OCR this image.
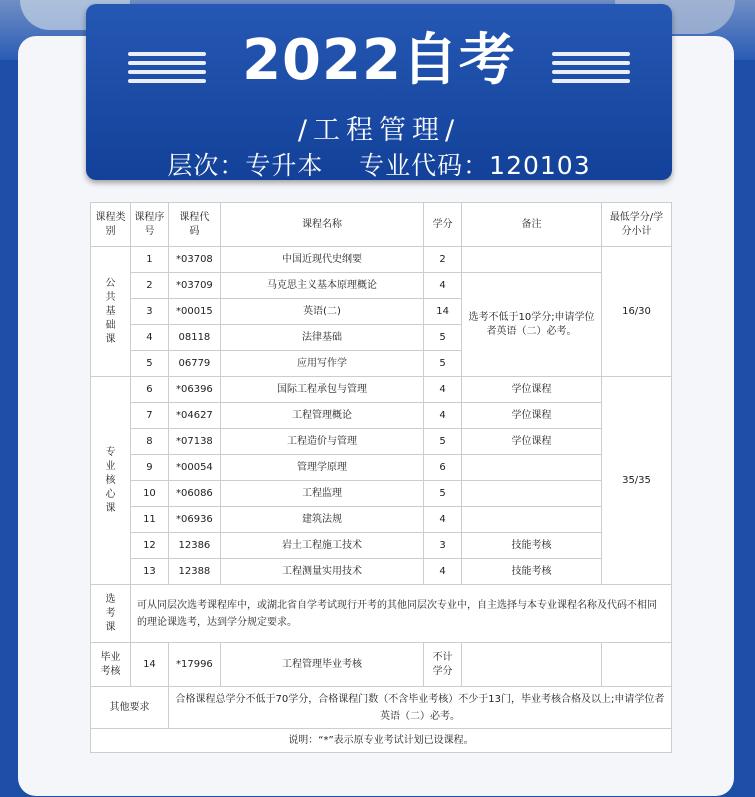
2022自考
/工程管理/
层次：专升本    专业代码：120103
课程类别	课程序号	课程代码	课程名称	学分	备注	最低学分/学分小计

公共基础课	1	*03708	中国近现代史纲要	2		16/30
	2	*03709	马克思主义基本原理概论	4	选考不低于10学分;申请学位者英语（二）必考。	

	3	*00015	英语(二)	14		
	4	08118	法律基础	5		
	5	06779	应用写作学	5		

专业核心课	6	*06396	国际工程承包与管理	4	学位课程	35/35
	7	*04627	工程管理概论	4	学位课程	
	8	*07138	工程造价与管理	5	学位课程	
	9	*00054	管理学原理	6		
	10	*06086	工程监理	5		
	11	*06936	建筑法规	4		
	12	12386	岩土工程施工技术	3	技能考核	
	13	12388	工程测量实用技术	4	技能考核	

选考课	可从同层次选考课程库中，或湖北省自学考试现行开考的其他同层次专业中，自主选择与本专业课程名称及代码不相同的理论课选考，达到学分规定要求。					

毕业考核	14	*17996	工程管理毕业考核	不计学分		

其他要求		合格课程总学分不低于70学分，合格课程门数（不含毕业考核）不少于13门，毕业考核合格及以上;申请学位者英语（二）必考。				
说明：“*”表示原专业考试计划已设课程。						
